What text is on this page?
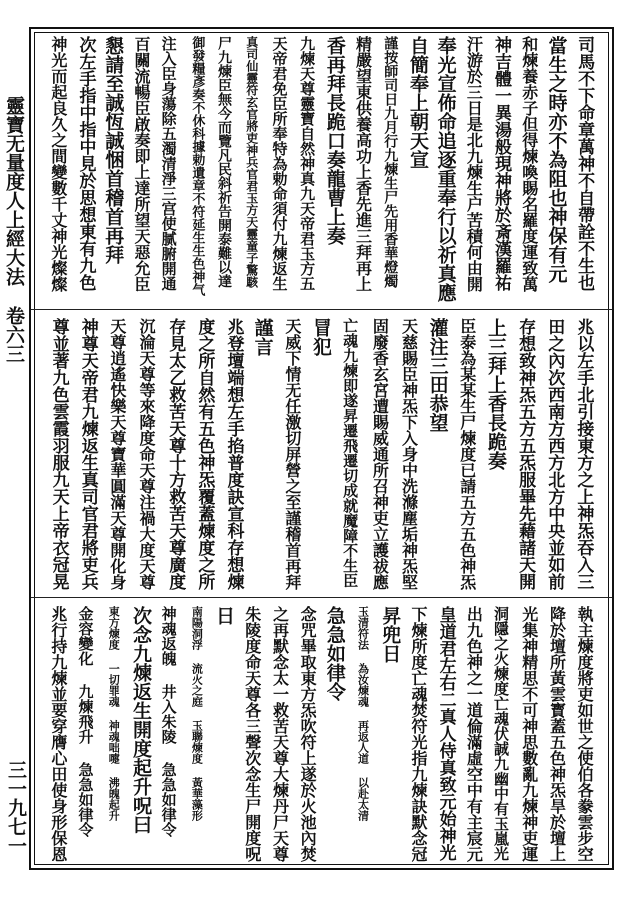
靈寶无量度人上經大法卷六三
三一九七一
司馬不下命章萬神不自帶詮不生也
當生之時亦不為阻也神保有元
和煉養赤子但得煉喚賜名羅度運致萬
神吉體一異湯般現神將於斎漢羅祐
汗游於三日是北九煉生户苦積何由開
奉光宣佈命追逐重奉行以祈真應
自簡奉上朝天宣
謹按師司日九月行九煉生尸先用香華燈燭
精嚴望東供養高功上香先進三拜再上
香再拜長跪口奏龍曹上奏
九煉天尊靈寶自然神真九天帝君玉方五
天帝君免臣所奉特為勅命須付九煉返生
真司仙靈符玄官將吏神兵官君玉方天靈童子驚駭
尸九煉臣無今而覽凡民斜祈告開泰難以達
御發糧彥奏不休科據勅遺章不符延生生色神气
注入臣身蕩除五濁清淨三宫使腻腑開通
百關流暢臣啟奏即上達所望天惡允臣
懇請至誠恆誠悃首稽首再拜
次左手指中指中見於思想東有九色
神光而起良久之間變數千丈神光燦燦
兆以左手北引接東方之上神炁吞入三
田之內次西南方西方北方中央並如前
存想致神炁五方五炁服畢先藉諸天開
上三拜上香長跪奏
臣泰為某某生尸煉度已請五方五色神炁
灌注三田恭望
天慈賜臣神炁下入身中洗滌塵垢神炁堅
固廢香玄宮遭賜威通所召神吏立護祓應
亡魂九煉即遂昇遷飛遷切成就魔障不生臣
冒犯
天威下情无任激切屏營之至謹稽首再拜
謹言
兆登壇端想左手掐普度訣宣科存想煉
度之所自然有五色神炁覆蓋煉度之所
存見太乙救苦天尊十方救苦天尊廣度
沉淪天尊等來降度命天尊注禍大度天尊
天尊逍遙快樂天尊寶華圓滿天尊開化身
神尊天帝君九煉返生真司官君將吏兵
尊並著九色雲霞羽服九天上帝衣冠晃
執主煉度將吏如世之使伯各豢雲步空
降於壇所黃雲寳蓋五色神炁旱於壇上
光集神精思不可神思數亂九煉神吏運
洞隱之火煉度亡魂伏誠九幽中有玉嵐光
出九色神之一道倫滿虛空中有主宸元
皇道君左右二真人侍真致元始神光
下煉所度亡魂焚符光指九煉訣默念冠
昇兜日
玉清符法 為汝煉魂 再返人道 以赴太清
急急如律令
念咒畢取東方炁吹符上遂於火池內焚
之再默念太一救苦天尊大煉丹尸天尊
朱陵度命天尊各三聲次念生尸開度呪
日
南陽洞浮 流火之庭 玉聯煉度 黃華藻形
神魂返魄 井入朱陵 急急如律令
次念九煉返生開度起升呪曰
東方煉度 一切罪魂 神魂咄嚏 沸魄起升
金容變化 九煉飛升 急急如律令
兆行持九煉並要穿膺心田使身形保恩
